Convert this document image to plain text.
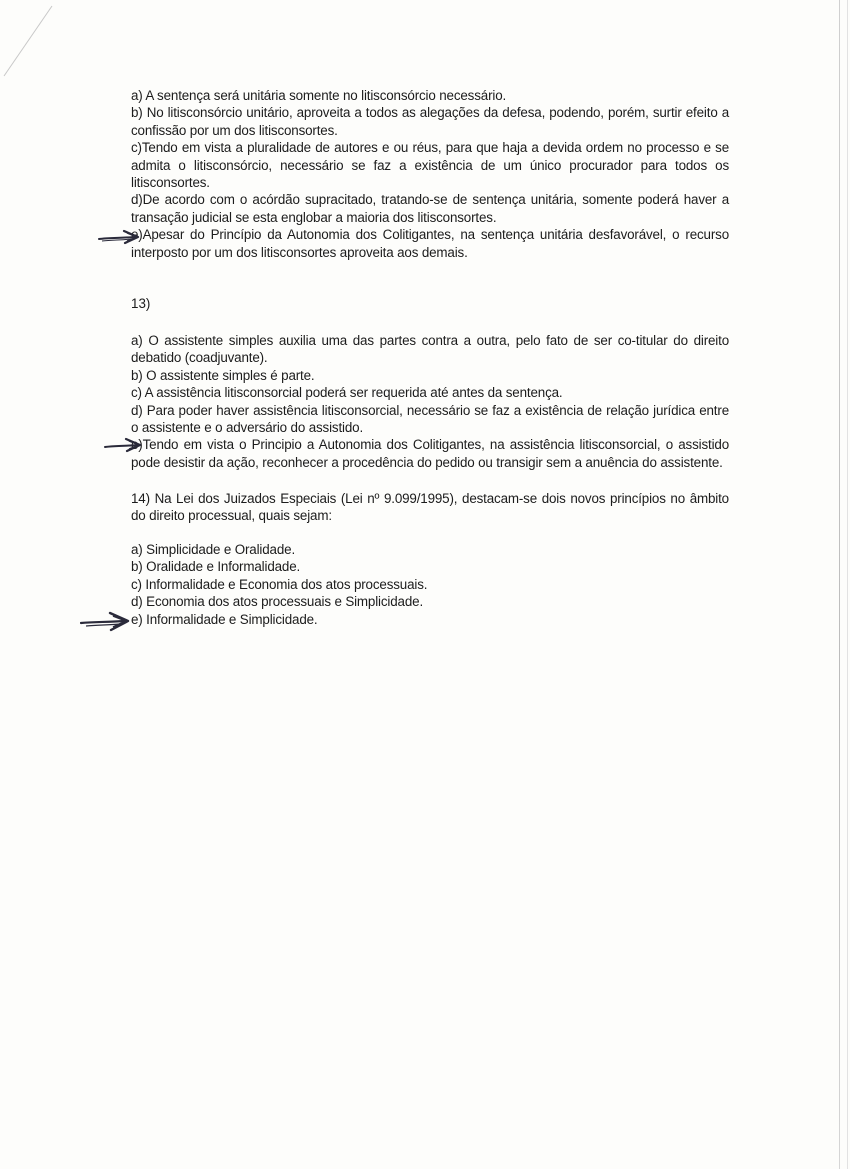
a) A sentença será unitária somente no litisconsórcio necessário.

b) No litisconsórcio unitário, aproveita a todos as alegações da defesa, podendo, porém, surtir efeito a confissão por um dos litisconsortes.

c)Tendo em vista a pluralidade de autores e ou réus, para que haja a devida ordem no processo e se admita o litisconsórcio, necessário se faz a existência de um único procurador para todos os litisconsortes.

d)De acordo com o acórdão supracitado, tratando-se de sentença unitária, somente poderá haver a transação judicial se esta englobar a maioria dos litisconsortes.

e)Apesar do Princípio da Autonomia dos Colitigantes, na sentença unitária desfavorável, o recurso interposto por um dos litisconsortes aproveita aos demais.

13)

a) O assistente simples auxilia uma das partes contra a outra, pelo fato de ser co-titular do direito debatido (coadjuvante).

b) O assistente simples é parte.

c) A assistência litisconsorcial poderá ser requerida até antes da sentença.

d) Para poder haver assistência litisconsorcial, necessário se faz a existência de relação jurídica entre o assistente e o adversário do assistido.

e)Tendo em vista o Principio a Autonomia dos Colitigantes, na assistência litisconsorcial, o assistido pode desistir da ação, reconhecer a procedência do pedido ou transigir sem a anuência do assistente.

14) Na Lei dos Juizados Especiais (Lei nº 9.099/1995), destacam-se dois novos princípios no âmbito do direito processual, quais sejam:

a) Simplicidade e Oralidade.

b) Oralidade e Informalidade.

c) Informalidade e Economia dos atos processuais.

d) Economia dos atos processuais e Simplicidade.

e) Informalidade e Simplicidade.
